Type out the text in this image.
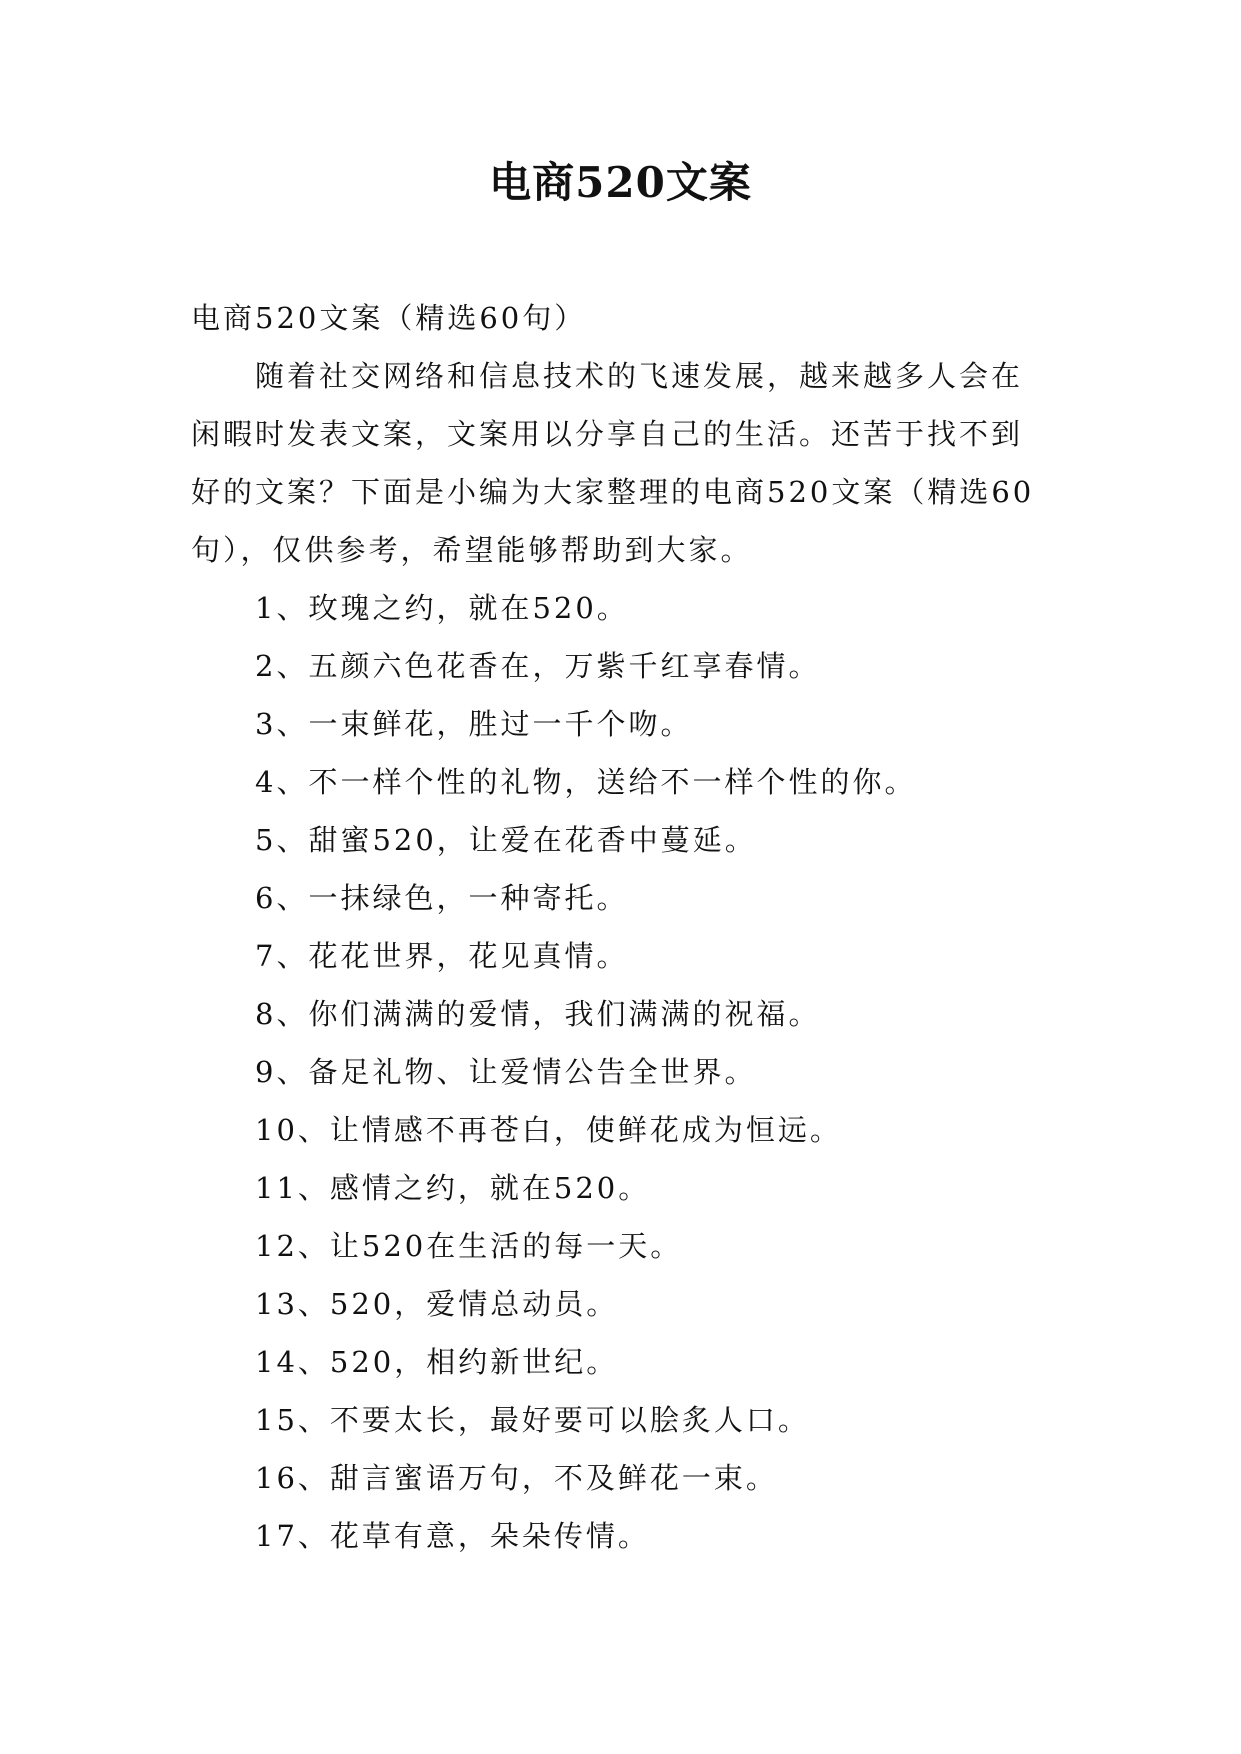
电商520文案

电商520文案（精选60句）

随着社交网络和信息技术的飞速发展，越来越多人会在闲暇时发表文案，文案用以分享自己的生活。还苦于找不到好的文案？下面是小编为大家整理的电商520文案（精选60句），仅供参考，希望能够帮助到大家。

1、玫瑰之约，就在520。
2、五颜六色花香在，万紫千红享春情。
3、一束鲜花，胜过一千个吻。
4、不一样个性的礼物，送给不一样个性的你。
5、甜蜜520，让爱在花香中蔓延。
6、一抹绿色，一种寄托。
7、花花世界，花见真情。
8、你们满满的爱情，我们满满的祝福。
9、备足礼物、让爱情公告全世界。
10、让情感不再苍白，使鲜花成为恒远。
11、感情之约，就在520。
12、让520在生活的每一天。
13、520，爱情总动员。
14、520，相约新世纪。
15、不要太长，最好要可以脍炙人口。
16、甜言蜜语万句，不及鲜花一束。
17、花草有意，朵朵传情。
